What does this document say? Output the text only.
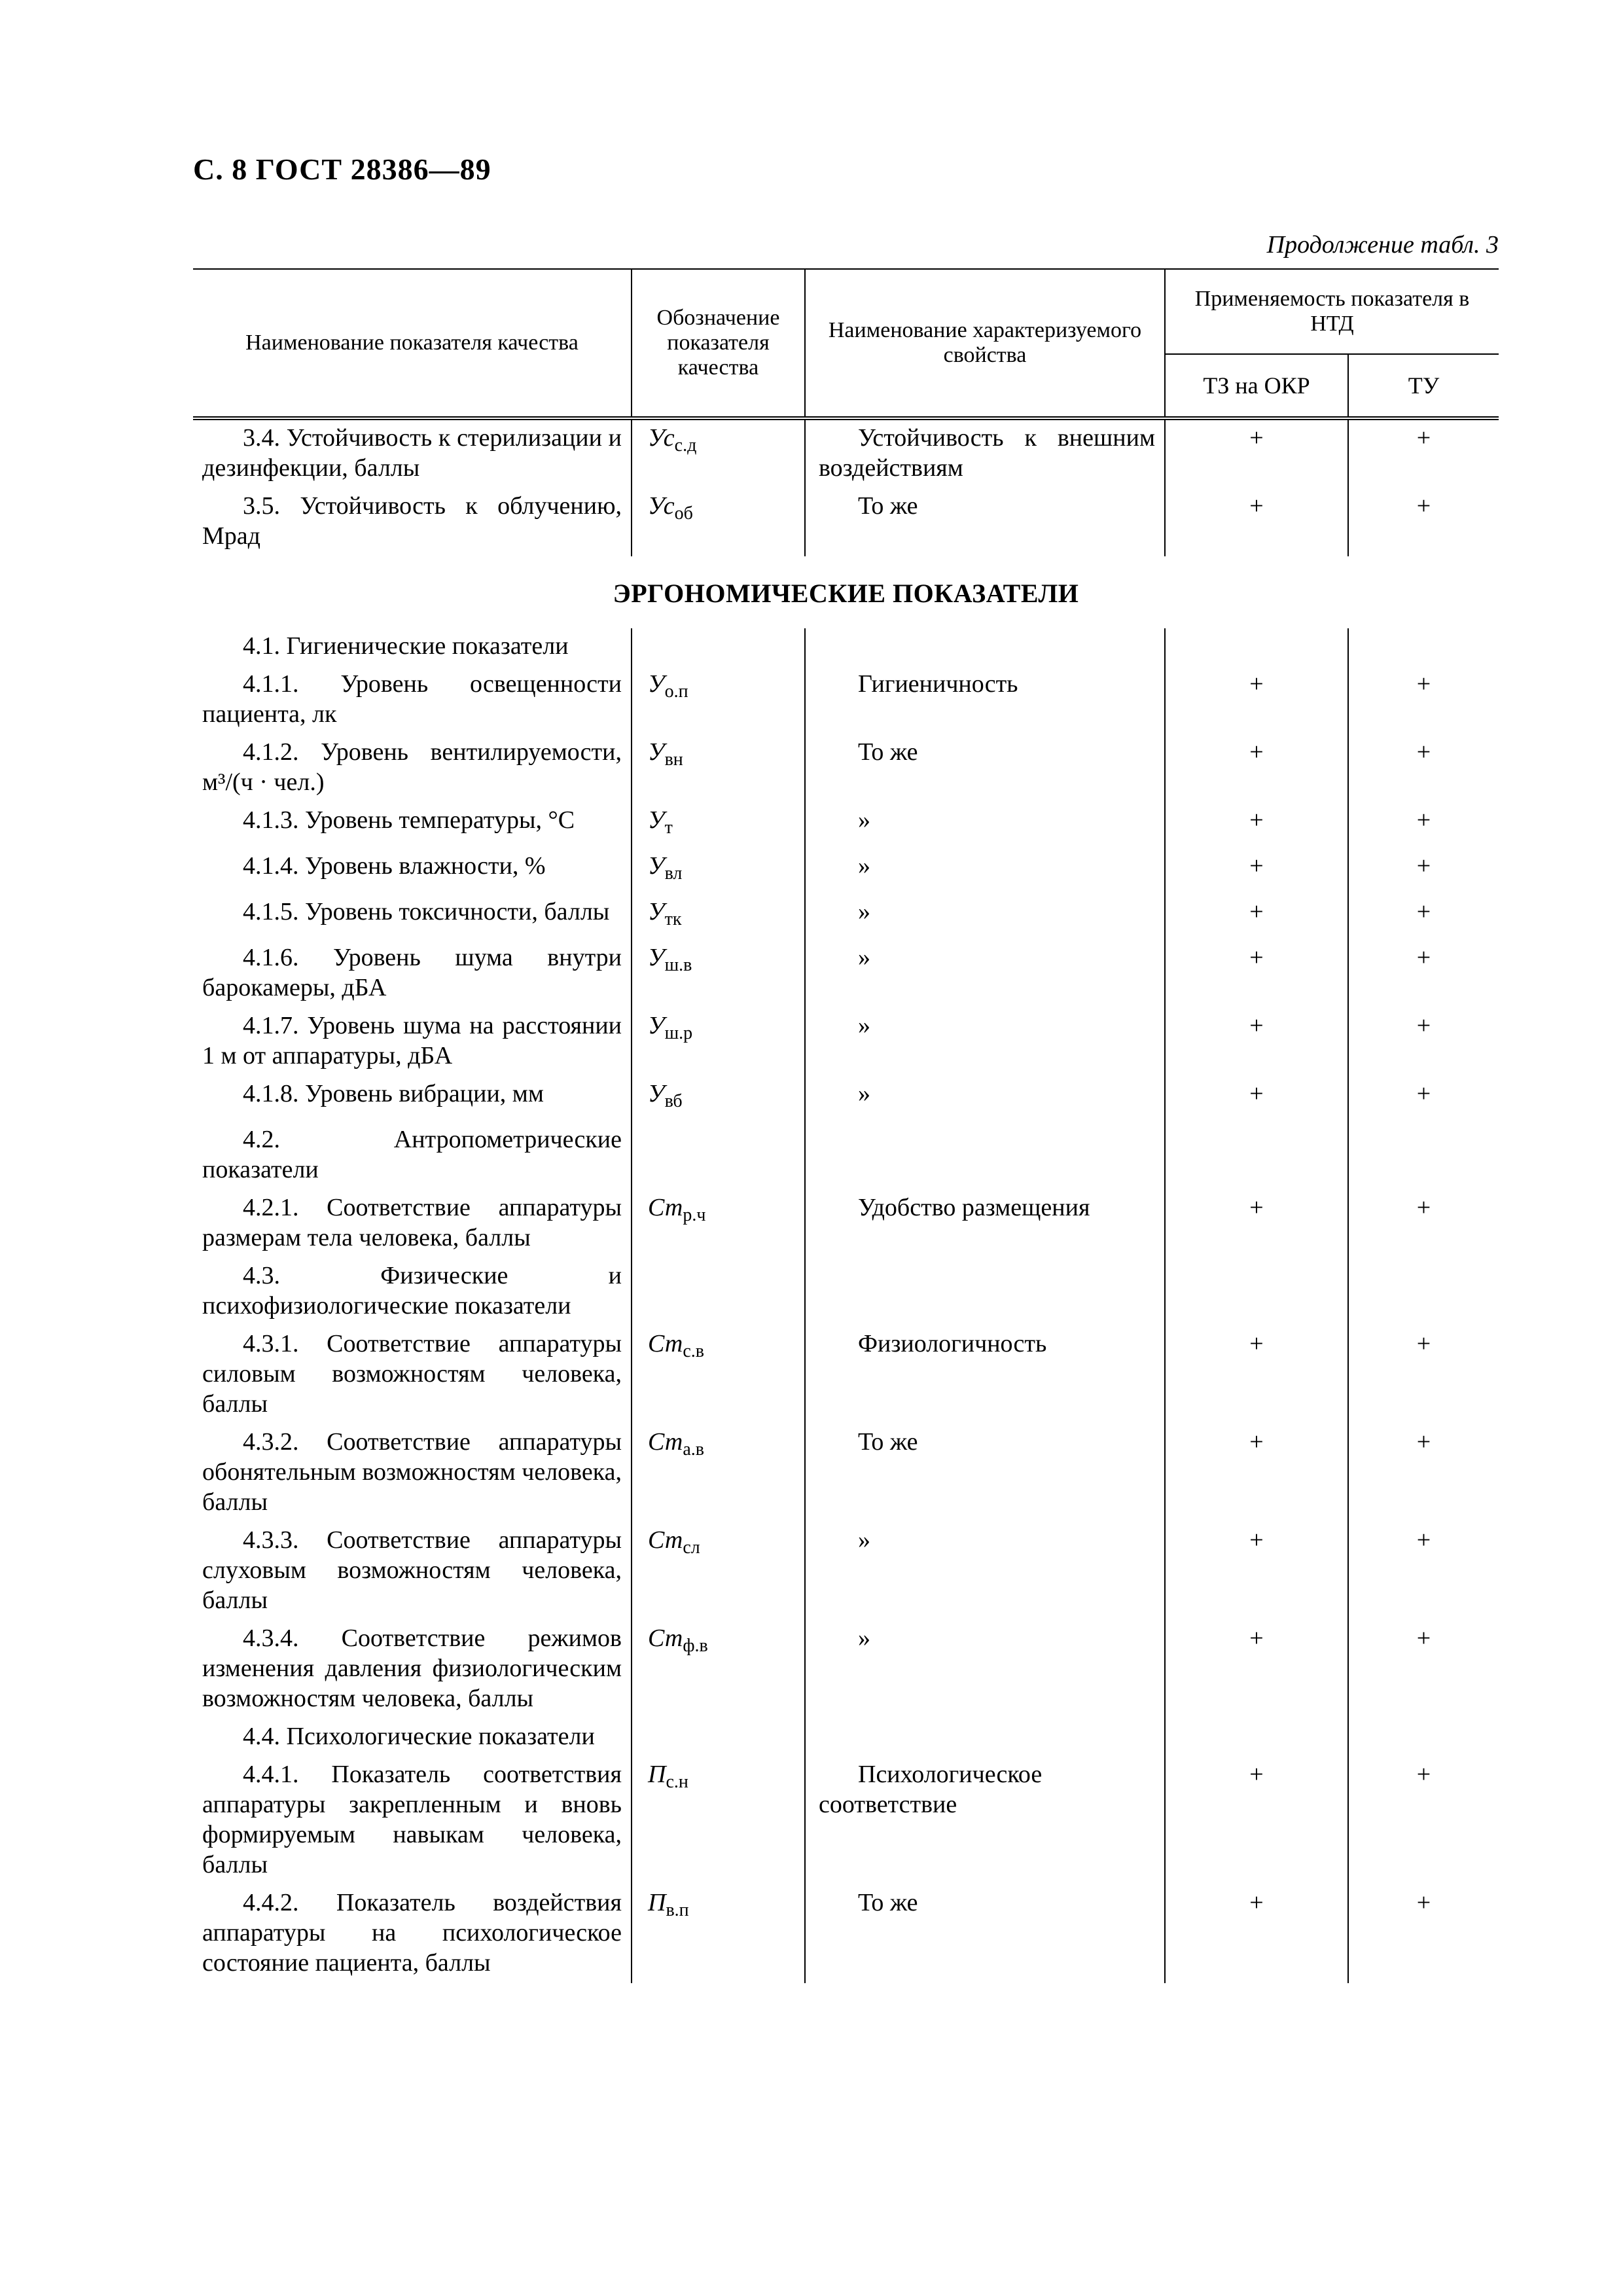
С. 8 ГОСТ 28386—89
Продолжение табл. 3
Наименование показателя качества	Обозначение показателя качества	Наименование характеризуемого свойства	Применяемость показателя в НТД	
			ТЗ на ОКР	ТУ

3.4. Устойчивость к стерилизации и дезинфекции, баллы	$Ус_{с.д}$	Устойчивость к внешним воздействиям	+	+

3.5. Устойчивость к облучению, Мрад	$Ус_{об}$	То же	+	+
ЭРГОНОМИЧЕСКИЕ ПОКАЗАТЕЛИ				

4.1. Гигиенические показатели				

4.1.1. Уровень освещенности пациента, лк	$У_{о.п}$	Гигиеничность	+	+

4.1.2. Уровень вентилируемости, м³/(ч · чел.)	$У_{вн}$	То же	+	+

4.1.3. Уровень температуры, °С	$У_т$	»	+	+

4.1.4. Уровень влажности, %	$У_{вл}$	»	+	+

4.1.5. Уровень токсичности, баллы	$У_{тк}$	»	+	+

4.1.6. Уровень шума внутри барокамеры, дБА	$У_{ш.в}$	»	+	+

4.1.7. Уровень шума на расстоянии 1 м от аппаратуры, дБА	$У_{ш.р}$	»	+	+

4.1.8. Уровень вибрации, мм	$У_{вб}$	»	+	+

4.2. Антропометрические показатели				

4.2.1. Соответствие аппаратуры размерам тела человека, баллы	$Ст_{р.ч}$	Удобство размещения	+	+

4.3. Физические и психофизиологические показатели				

4.3.1. Соответствие аппаратуры силовым возможностям человека, баллы	$Ст_{с.в}$	Физиологичность	+	+

4.3.2. Соответствие аппаратуры обонятельным возможностям человека, баллы	$Ст_{а.в}$	То же	+	+

4.3.3. Соответствие аппаратуры слуховым возможностям человека, баллы	$Ст_{сл}$	»	+	+

4.3.4. Соответствие режимов изменения давления физиологическим возможностям человека, баллы	$Ст_{ф.в}$	»	+	+

4.4. Психологические показатели				

4.4.1. Показатель соответствия аппаратуры закрепленным и вновь формируемым навыкам человека, баллы	$П_{с.н}$	Психологическое соответствие	+	+

4.4.2. Показатель воздействия аппаратуры на психологическое состояние пациента, баллы	$П_{в.п}$	То же	+	+
